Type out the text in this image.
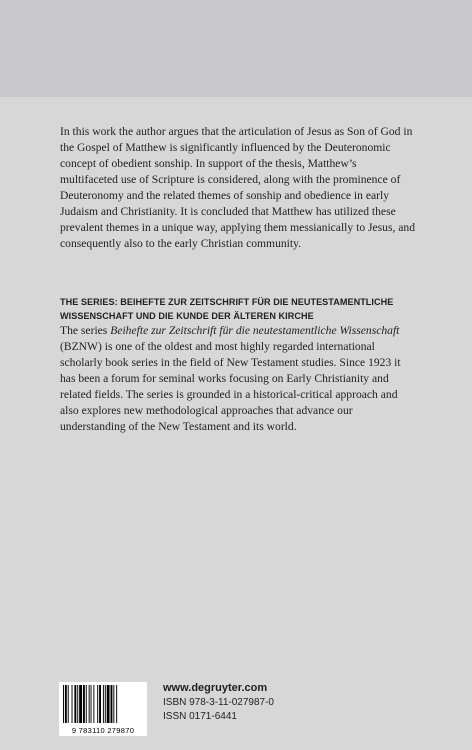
In this work the author argues that the articulation of Jesus as Son of God in the Gospel of Matthew is significantly influenced by the Deuteronomic concept of obedient sonship. In support of the thesis, Matthew’s multifaceted use of Scripture is considered, along with the prominence of Deuteronomy and the related themes of sonship and obedience in early Judaism and Christianity. It is concluded that Matthew has utilized these prevalent themes in a unique way, applying them messianically to Jesus, and consequently also to the early Christian community.
THE SERIES: BEIHEFTE ZUR ZEITSCHRIFT FÜR DIE NEUTESTAMENTLICHE WISSENSCHAFT UND DIE KUNDE DER ÄLTEREN KIRCHE
The series Beihefte zur Zeitschrift für die neutestamentliche Wissenschaft (BZNW) is one of the oldest and most highly regarded international scholarly book series in the field of New Testament studies. Since 1923 it has been a forum for seminal works focusing on Early Christianity and related fields. The series is grounded in a historical-critical approach and also explores new methodological approaches that advance our understanding of the New Testament and its world.
9 783110 279870
www.degruyter.com
ISBN 978-3-11-027987-0
ISSN 0171-6441
